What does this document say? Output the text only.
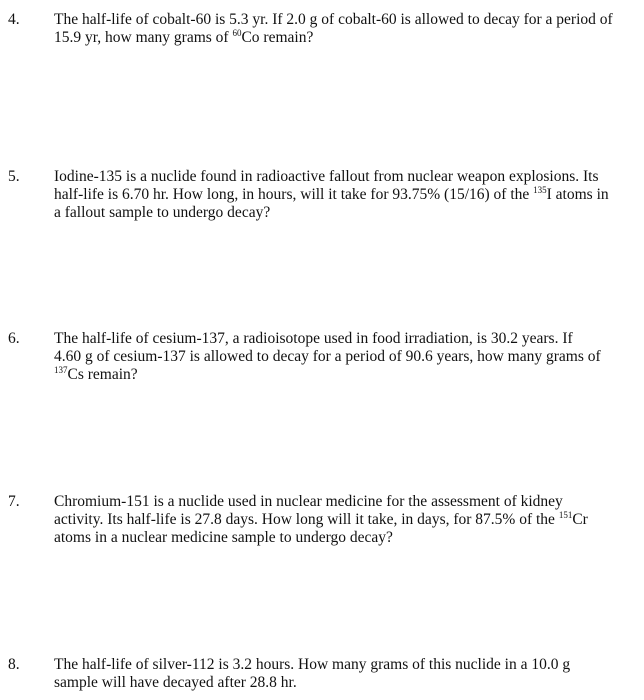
4. The half-life of cobalt-60 is 5.3 yr. If 2.0 g of cobalt-60 is allowed to decay for a period of
15.9 yr, how many grams of $^{60}$Co remain?
5. Iodine-135 is a nuclide found in radioactive fallout from nuclear weapon explosions. Its
half-life is 6.70 hr. How long, in hours, will it take for 93.75% (15/16) of the $^{135}$I atoms in
a fallout sample to undergo decay?
6. The half-life of cesium-137, a radioisotope used in food irradiation, is 30.2 years. If
4.60 g of cesium-137 is allowed to decay for a period of 90.6 years, how many grams of
$^{137}$Cs remain?
7. Chromium-151 is a nuclide used in nuclear medicine for the assessment of kidney
activity. Its half-life is 27.8 days. How long will it take, in days, for 87.5% of the $^{151}$Cr
atoms in a nuclear medicine sample to undergo decay?
8. The half-life of silver-112 is 3.2 hours. How many grams of this nuclide in a 10.0 g
sample will have decayed after 28.8 hr.
